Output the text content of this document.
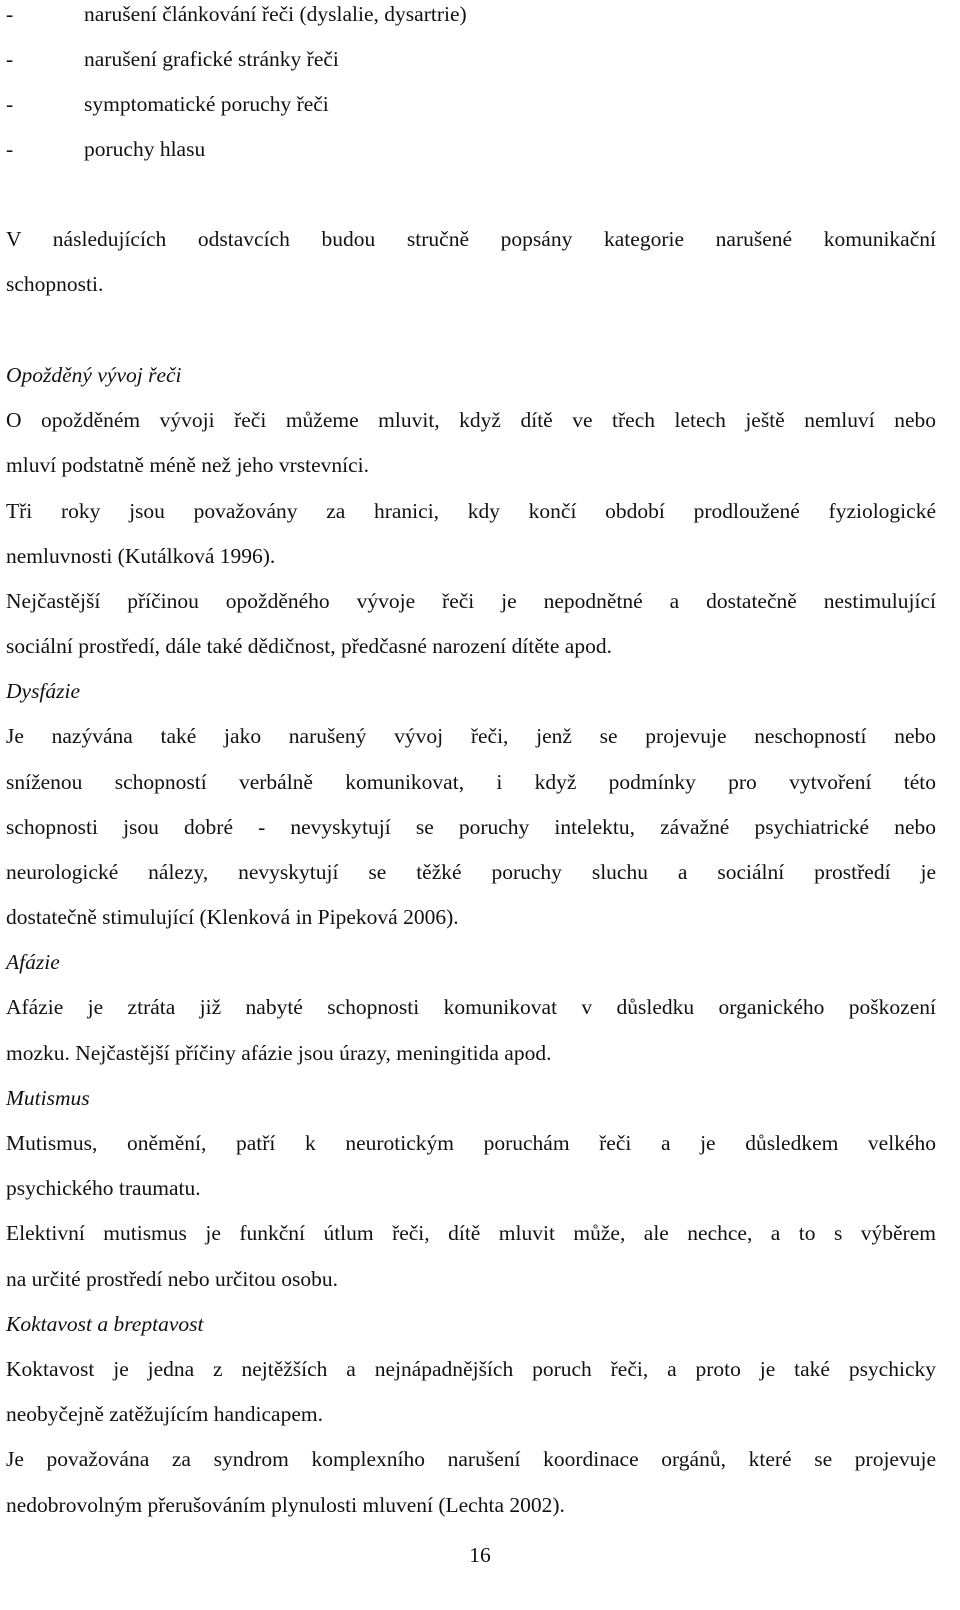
-	narušení článkování řeči (dyslalie, dysartrie)
-	narušení grafické stránky řeči
-	symptomatické poruchy řeči
-	poruchy hlasu
V následujících odstavcích budou stručně popsány kategorie narušené komunikační
schopnosti.
Opožděný vývoj řeči
O opožděném vývoji řeči můžeme mluvit, když dítě ve třech letech ještě nemluví nebo
mluví podstatně méně než jeho vrstevníci.
Tři roky jsou považovány za hranici, kdy končí období prodloužené fyziologické
nemluvnosti (Kutálková 1996).
Nejčastější příčinou opožděného vývoje řeči je nepodnětné a dostatečně nestimulující
sociální prostředí, dále také dědičnost, předčasné narození dítěte apod.
Dysfázie
Je nazývána také jako narušený vývoj řeči, jenž se projevuje neschopností nebo
sníženou schopností verbálně komunikovat, i když podmínky pro vytvoření této
schopnosti jsou dobré - nevyskytují se poruchy intelektu, závažné psychiatrické nebo
neurologické nálezy, nevyskytují se těžké poruchy sluchu a sociální prostředí je
dostatečně stimulující (Klenková in Pipeková 2006).
Afázie
Afázie je ztráta již nabyté schopnosti komunikovat v důsledku organického poškození
mozku. Nejčastější příčiny afázie jsou úrazy, meningitida apod.
Mutismus
Mutismus, oněmění, patří k neurotickým poruchám řeči a je důsledkem velkého
psychického traumatu.
Elektivní mutismus je funkční útlum řeči, dítě mluvit může, ale nechce, a to s výběrem
na určité prostředí nebo určitou osobu.
Koktavost a breptavost
Koktavost je jedna z nejtěžších a nejnápadnějších poruch řeči, a proto je také psychicky
neobyčejně zatěžujícím handicapem.
Je považována za syndrom komplexního narušení koordinace orgánů, které se projevuje
nedobrovolným přerušováním plynulosti mluvení (Lechta 2002).
16
